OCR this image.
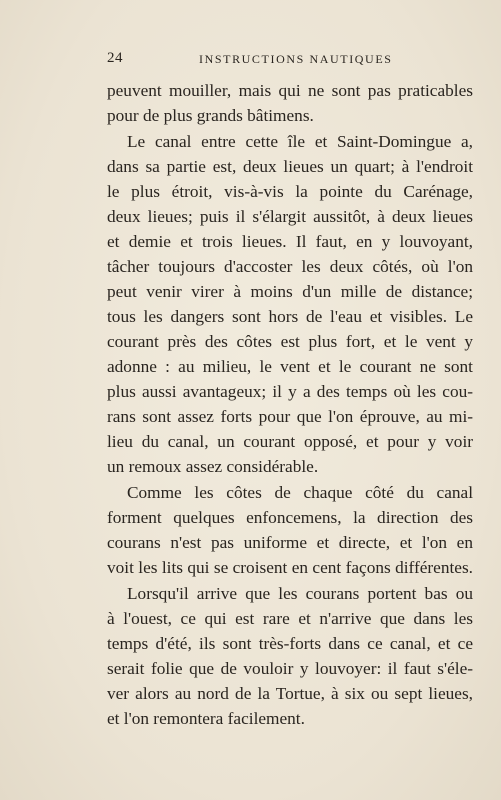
24	INSTRUCTIONS NAUTIQUES
peuvent mouiller, mais qui ne sont pas praticables
pour de plus grands bâtimens.
Le canal entre cette île et Saint-Domingue a,
dans sa partie est, deux lieues un quart; à l'endroit
le plus étroit, vis-à-vis la pointe du Carénage,
deux lieues; puis il s'élargit aussitôt, à deux lieues
et demie et trois lieues. Il faut, en y louvoyant,
tâcher toujours d'accoster les deux côtés, où l'on
peut venir virer à moins d'un mille de distance;
tous les dangers sont hors de l'eau et visibles. Le
courant près des côtes est plus fort, et le vent y
adonne : au milieu, le vent et le courant ne sont
plus aussi avantageux; il y a des temps où les cou-
rans sont assez forts pour que l'on éprouve, au mi-
lieu du canal, un courant opposé, et pour y voir
un remoux assez considérable.
Comme les côtes de chaque côté du canal
forment quelques enfoncemens, la direction des
courans n'est pas uniforme et directe, et l'on en
voit les lits qui se croisent en cent façons différentes.
Lorsqu'il arrive que les courans portent bas ou
à l'ouest, ce qui est rare et n'arrive que dans les
temps d'été, ils sont très-forts dans ce canal, et ce
serait folie que de vouloir y louvoyer: il faut s'éle-
ver alors au nord de la Tortue, à six ou sept lieues,
et l'on remontera facilement.
